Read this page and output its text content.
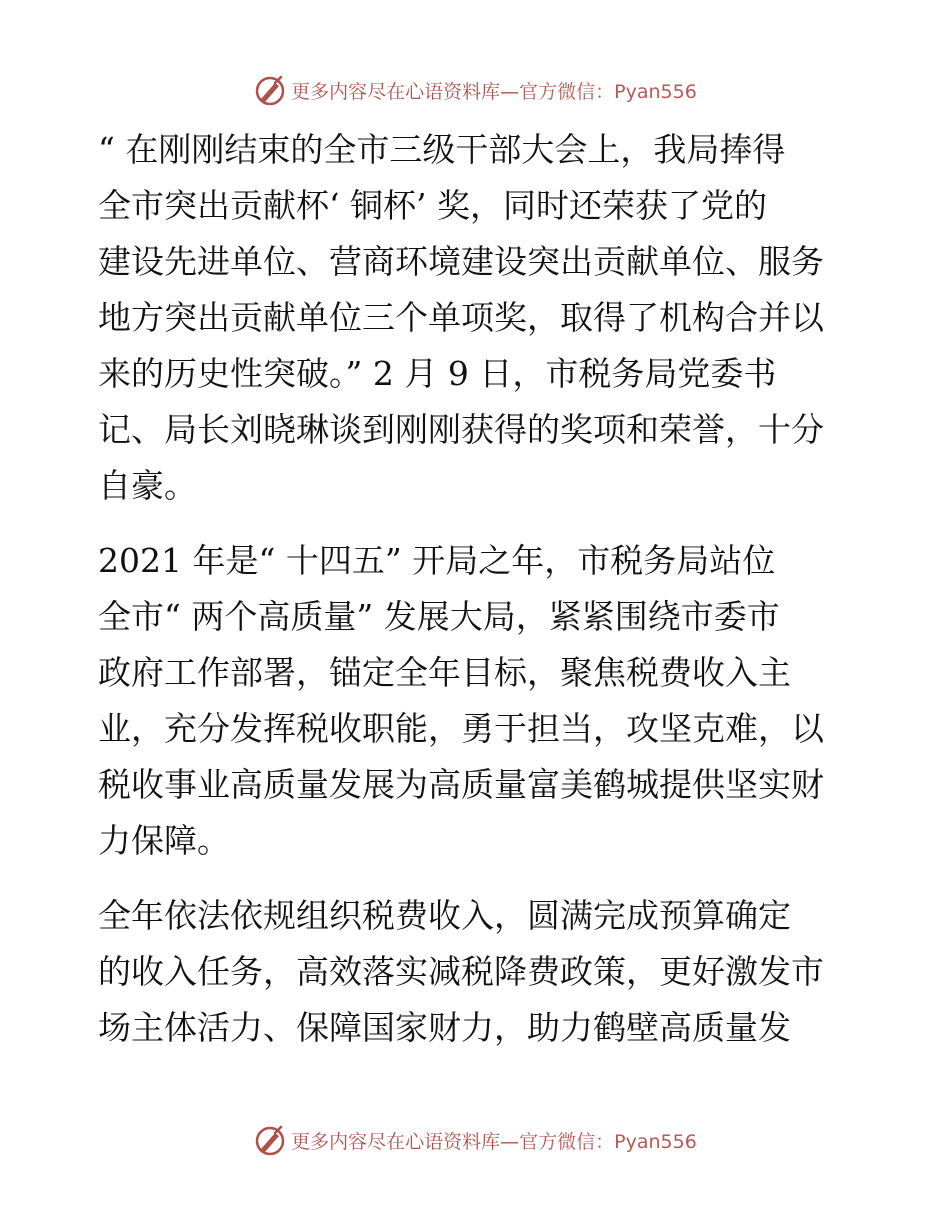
更多内容尽在心语资料库—官方微信：Pyan556

“ 在刚刚结束的全市三级干部大会上，我局捧得

全市突出贡献杯‘ 铜杯’ 奖，同时还荣获了党的

建设先进单位、营商环境建设突出贡献单位、服务

地方突出贡献单位三个单项奖，取得了机构合并以

来的历史性突破。” 2 月 9 日，市税务局党委书

记、局长刘晓琳谈到刚刚获得的奖项和荣誉，十分

自豪。

2021 年是“ 十四五” 开局之年，市税务局站位

全市“ 两个高质量” 发展大局，紧紧围绕市委市

政府工作部署，锚定全年目标，聚焦税费收入主

业，充分发挥税收职能，勇于担当，攻坚克难，以

税收事业高质量发展为高质量富美鹤城提供坚实财

力保障。

全年依法依规组织税费收入，圆满完成预算确定

的收入任务，高效落实减税降费政策，更好激发市

场主体活力、保障国家财力，助力鹤壁高质量发

更多内容尽在心语资料库—官方微信：Pyan556
